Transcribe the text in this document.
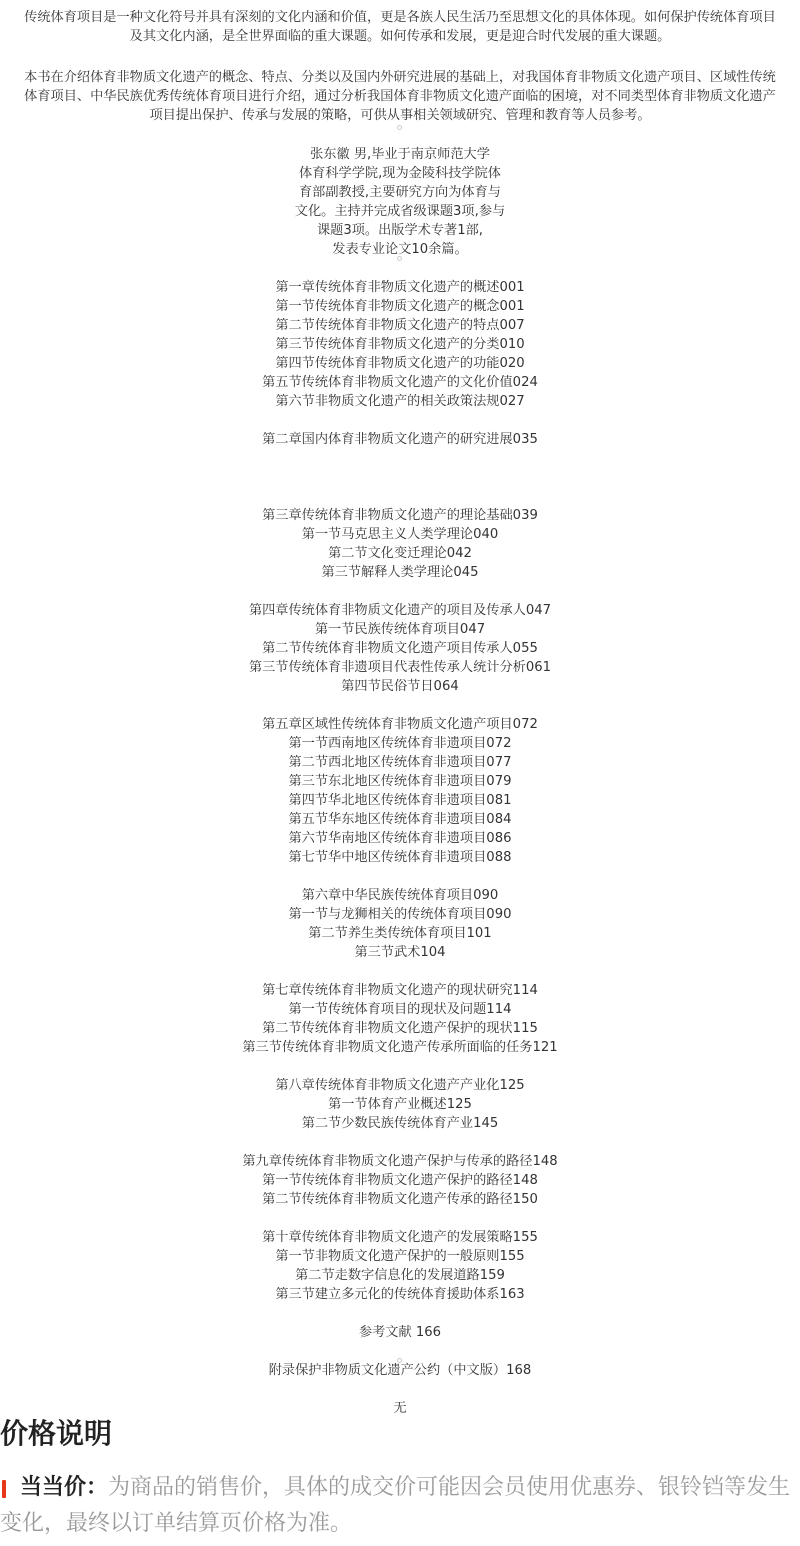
传统体育项目是一种文化符号并具有深刻的文化内涵和价值，更是各族人民生活乃至思想文化的具体体现。如何保护传统体育项目
及其文化内涵，是全世界面临的重大课题。如何传承和发展，更是迎合时代发展的重大课题。
本书在介绍体育非物质文化遗产的概念、特点、分类以及国内外研究进展的基础上，对我国体育非物质文化遗产项目、区域性传统
体育项目、中华民族优秀传统体育项目进行介绍，通过分析我国体育非物质文化遗产面临的困境，对不同类型体育非物质文化遗产
项目提出保护、传承与发展的策略，可供从事相关领域研究、管理和教育等人员参考。
张东徽 男,毕业于南京师范大学
体育科学学院,现为金陵科技学院体
育部副教授,主要研究方向为体育与
文化。主持并完成省级课题3项,参与
课题3项。出版学术专著1部,
发表专业论文10余篇。
第一章传统体育非物质文化遗产的概述001
第一节传统体育非物质文化遗产的概念001
第二节传统体育非物质文化遗产的特点007
第三节传统体育非物质文化遗产的分类010
第四节传统体育非物质文化遗产的功能020
第五节传统体育非物质文化遗产的文化价值024
第六节非物质文化遗产的相关政策法规027
第二章国内体育非物质文化遗产的研究进展035
第三章传统体育非物质文化遗产的理论基础039
第一节马克思主义人类学理论040
第二节文化变迁理论042
第三节解释人类学理论045
第四章传统体育非物质文化遗产的项目及传承人047
第一节民族传统体育项目047
第二节传统体育非物质文化遗产项目传承人055
第三节传统体育非遗项目代表性传承人统计分析061
第四节民俗节日064
第五章区域性传统体育非物质文化遗产项目072
第一节西南地区传统体育非遗项目072
第二节西北地区传统体育非遗项目077
第三节东北地区传统体育非遗项目079
第四节华北地区传统体育非遗项目081
第五节华东地区传统体育非遗项目084
第六节华南地区传统体育非遗项目086
第七节华中地区传统体育非遗项目088
第六章中华民族传统体育项目090
第一节与龙狮相关的传统体育项目090
第二节养生类传统体育项目101
第三节武术104
第七章传统体育非物质文化遗产的现状研究114
第一节传统体育项目的现状及问题114
第二节传统体育非物质文化遗产保护的现状115
第三节传统体育非物质文化遗产传承所面临的任务121
第八章传统体育非物质文化遗产产业化125
第一节体育产业概述125
第二节少数民族传统体育产业145
第九章传统体育非物质文化遗产保护与传承的路径148
第一节传统体育非物质文化遗产保护的路径148
第二节传统体育非物质文化遗产传承的路径150
第十章传统体育非物质文化遗产的发展策略155
第一节非物质文化遗产保护的一般原则155
第二节走数字信息化的发展道路159
第三节建立多元化的传统体育援助体系163
参考文献 166
附录保护非物质文化遗产公约（中文版）168
无
价格说明
当当价：为商品的销售价，具体的成交价可能因会员使用优惠券、银铃铛等发生变化，最终以订单结算页价格为准。
